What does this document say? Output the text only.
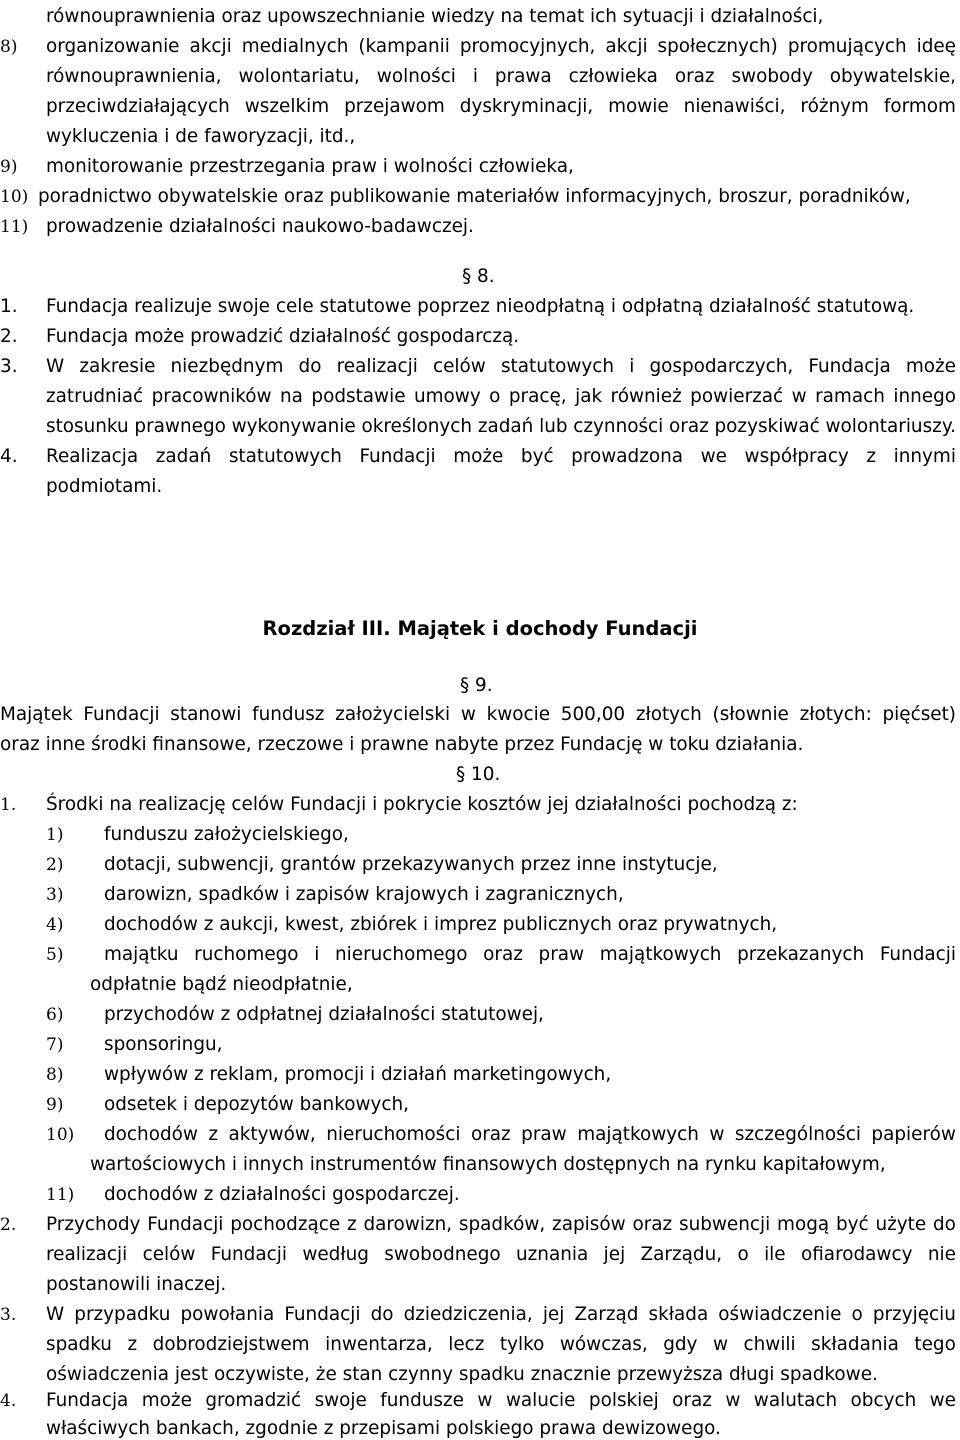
równouprawnienia oraz upowszechnianie wiedzy na temat ich sytuacji i działalności,
8) organizowanie akcji medialnych (kampanii promocyjnych, akcji społecznych) promujących ideę
równouprawnienia, wolontariatu, wolności i prawa człowieka oraz swobody obywatelskie,
przeciwdziałających wszelkim przejawom dyskryminacji, mowie nienawiści, różnym formom
wykluczenia i de faworyzacji, itd.,
9) monitorowanie przestrzegania praw i wolności człowieka,
10) poradnictwo obywatelskie oraz publikowanie materiałów informacyjnych, broszur, poradników,
11) prowadzenie działalności naukowo-badawczej.
§ 8.
1. Fundacja realizuje swoje cele statutowe poprzez nieodpłatną i odpłatną działalność statutową.
2. Fundacja może prowadzić działalność gospodarczą.
3. W zakresie niezbędnym do realizacji celów statutowych i gospodarczych, Fundacja może
zatrudniać pracowników na podstawie umowy o pracę, jak również powierzać w ramach innego
stosunku prawnego wykonywanie określonych zadań lub czynności oraz pozyskiwać wolontariuszy.
4. Realizacja zadań statutowych Fundacji może być prowadzona we współpracy z innymi
podmiotami.
Rozdział III. Majątek i dochody Fundacji
§ 9.
Majątek Fundacji stanowi fundusz założycielski w kwocie 500,00 złotych (słownie złotych: pięćset)
oraz inne środki finansowe, rzeczowe i prawne nabyte przez Fundację w toku działania.
§ 10.
1. Środki na realizację celów Fundacji i pokrycie kosztów jej działalności pochodzą z:
1) funduszu założycielskiego,
2) dotacji, subwencji, grantów przekazywanych przez inne instytucje,
3) darowizn, spadków i zapisów krajowych i zagranicznych,
4) dochodów z aukcji, kwest, zbiórek i imprez publicznych oraz prywatnych,
5) majątku ruchomego i nieruchomego oraz praw majątkowych przekazanych Fundacji
odpłatnie bądź nieodpłatnie,
6) przychodów z odpłatnej działalności statutowej,
7) sponsoringu,
8) wpływów z reklam, promocji i działań marketingowych,
9) odsetek i depozytów bankowych,
10) dochodów z aktywów, nieruchomości oraz praw majątkowych w szczególności papierów
wartościowych i innych instrumentów finansowych dostępnych na rynku kapitałowym,
11) dochodów z działalności gospodarczej.
2. Przychody Fundacji pochodzące z darowizn, spadków, zapisów oraz subwencji mogą być użyte do
realizacji celów Fundacji według swobodnego uznania jej Zarządu, o ile ofiarodawcy nie
postanowili inaczej.
3. W przypadku powołania Fundacji do dziedziczenia, jej Zarząd składa oświadczenie o przyjęciu
spadku z dobrodziejstwem inwentarza, lecz tylko wówczas, gdy w chwili składania tego
oświadczenia jest oczywiste, że stan czynny spadku znacznie przewyższa długi spadkowe.
4. Fundacja może gromadzić swoje fundusze w walucie polskiej oraz w walutach obcych we
właściwych bankach, zgodnie z przepisami polskiego prawa dewizowego.
